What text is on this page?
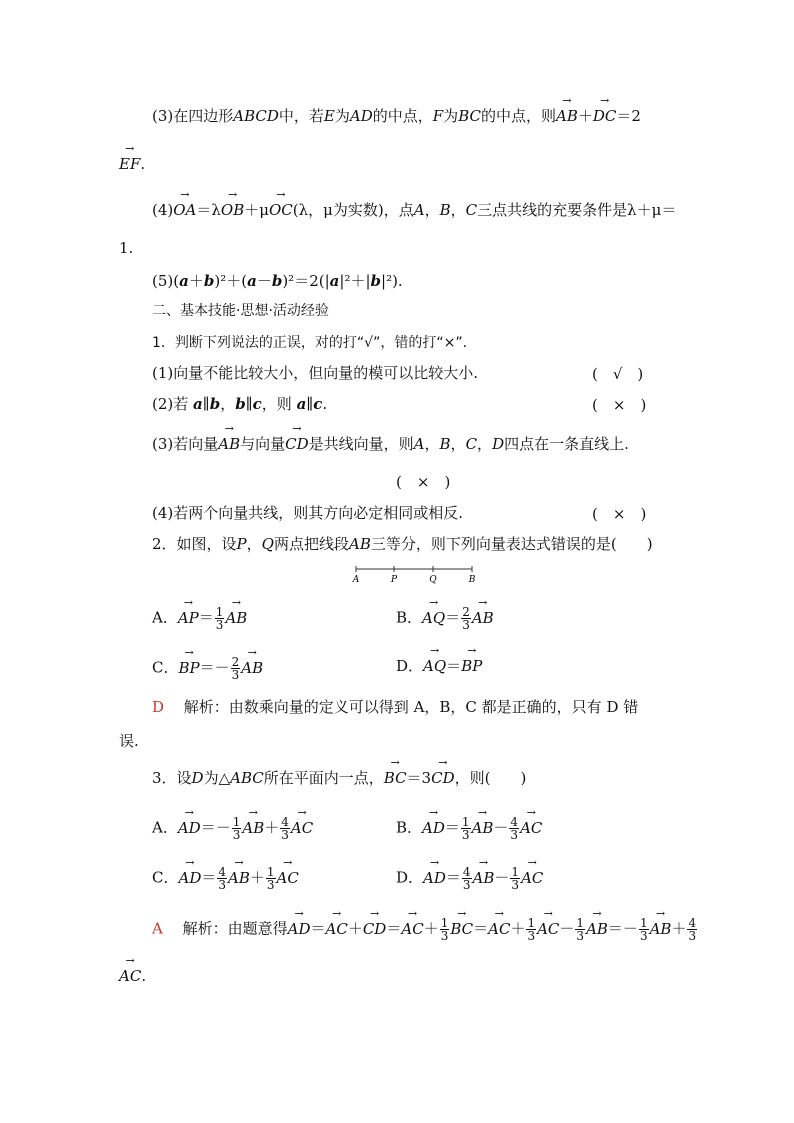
(3)在四边形ABCD中，若E为AD的中点，F为BC的中点，则→ AB＋→ DC＝2
→ EF.
(4)→ OA＝λ→ OB＋μ→ OC(λ，μ为实数)，点A，B，C三点共线的充要条件是λ＋μ＝
1.
(5)(a＋b)²＋(a－b)²＝2(|a|²＋|b|²).
二、基本技能·思想·活动经验
1．判断下列说法的正误，对的打“√”，错的打“×”.
(1)向量不能比较大小，但向量的模可以比较大小.	(　√　)
(2)若 a∥b，b∥c，则 a∥c.	(　×　)
(3)若向量→ AB与向量→ CD是共线向量，则A，B，C，D四点在一条直线上.
(　×　)
(4)若两个向量共线，则其方向必定相同或相反.	(　×　)
2．如图，设P，Q两点把线段AB三等分，则下列向量表达式错误的是(　　)
A	P	Q	B
A．→ $AP= \frac{1}{3}$
→ AB	B．→ $AQ= \frac{2}{3}$
→ AB
C．→ $BP=- \frac{2}{3}$
→ AB	D．→ AQ＝→ BP
D　 解析：由数乘向量的定义可以得到 A，B，C 都是正确的，只有 D 错
误.
3．设D为△ABC所在平面内一点，→ BC＝3→ CD，则(　　)
A．→ $AD=- \frac{1}{3}$
→ $AB+ \frac{4}{3}$
→ AC	B．→ $AD= \frac{1}{3}$
→ $AB- \frac{4}{3}$
→ AC
C．→ $AD= \frac{4}{3}$
→ $AB+ \frac{1}{3}$
→ AC	D．→ $AD= \frac{4}{3}$
→ $AB- \frac{1}{3}$
→ AC
A　 解析：由题意得→ $AD=\to AC+\to CD=\to AC+ \frac{1}{3}$
→ $BC=\to AC+ \frac{1}{3}$
→ $AC- \frac{1}{3}$
→ $AB=- \frac{1}{3}$
→ $AB+ \frac{4}{3}$
→ AC.
